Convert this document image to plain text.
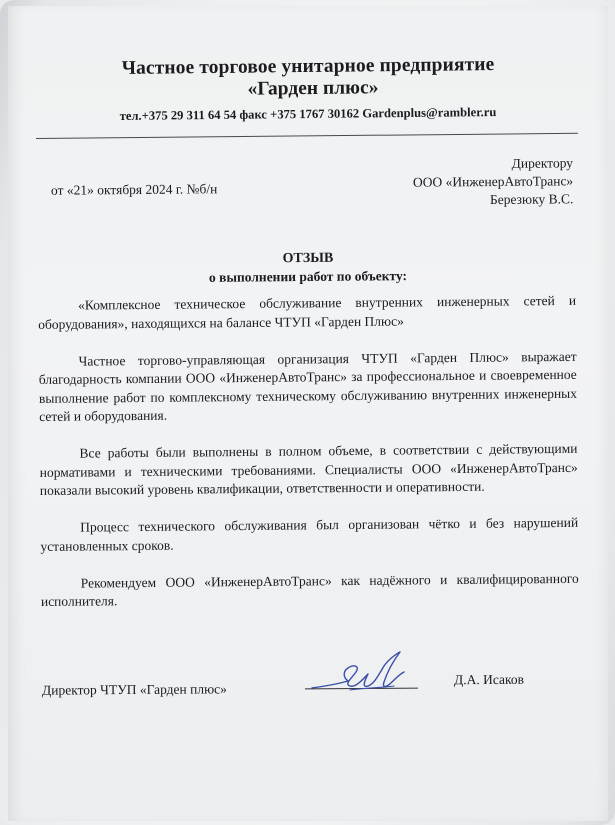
Частное торговое унитарное предприятие
«Гарден плюс»
тел.+375 29 311 64 54 факс +375 1767 30162 Gardenplus@rambler.ru
от «21» октября 2024 г. №б/н
Директору
ООО «ИнженерАвтоТранс»
Березюку В.С.
ОТЗЫВ
о выполнении работ по объекту:

«Комплексное техническое обслуживание внутренних инженерных сетей и оборудования», находящихся на балансе ЧТУП «Гарден Плюс»

Частное торгово-управляющая организация ЧТУП «Гарден Плюс» выражает благодарность компании ООО «ИнженерАвтоТранс» за профессиональное и своевременное выполнение работ по комплексному техническому обслуживанию внутренних инженерных сетей и оборудования.

Все работы были выполнены в полном объеме, в соответствии с действующими нормативами и техническими требованиями. Специалисты ООО «ИнженерАвтоТранс» показали высокий уровень квалификации, ответственности и оперативности.

Процесс технического обслуживания был организован чётко и без нарушений установленных сроков.

Рекомендуем ООО «ИнженерАвтоТранс» как надёжного и квалифицированного исполнителя.

Директор ЧТУП «Гарден плюс»
Д.А. Исаков
